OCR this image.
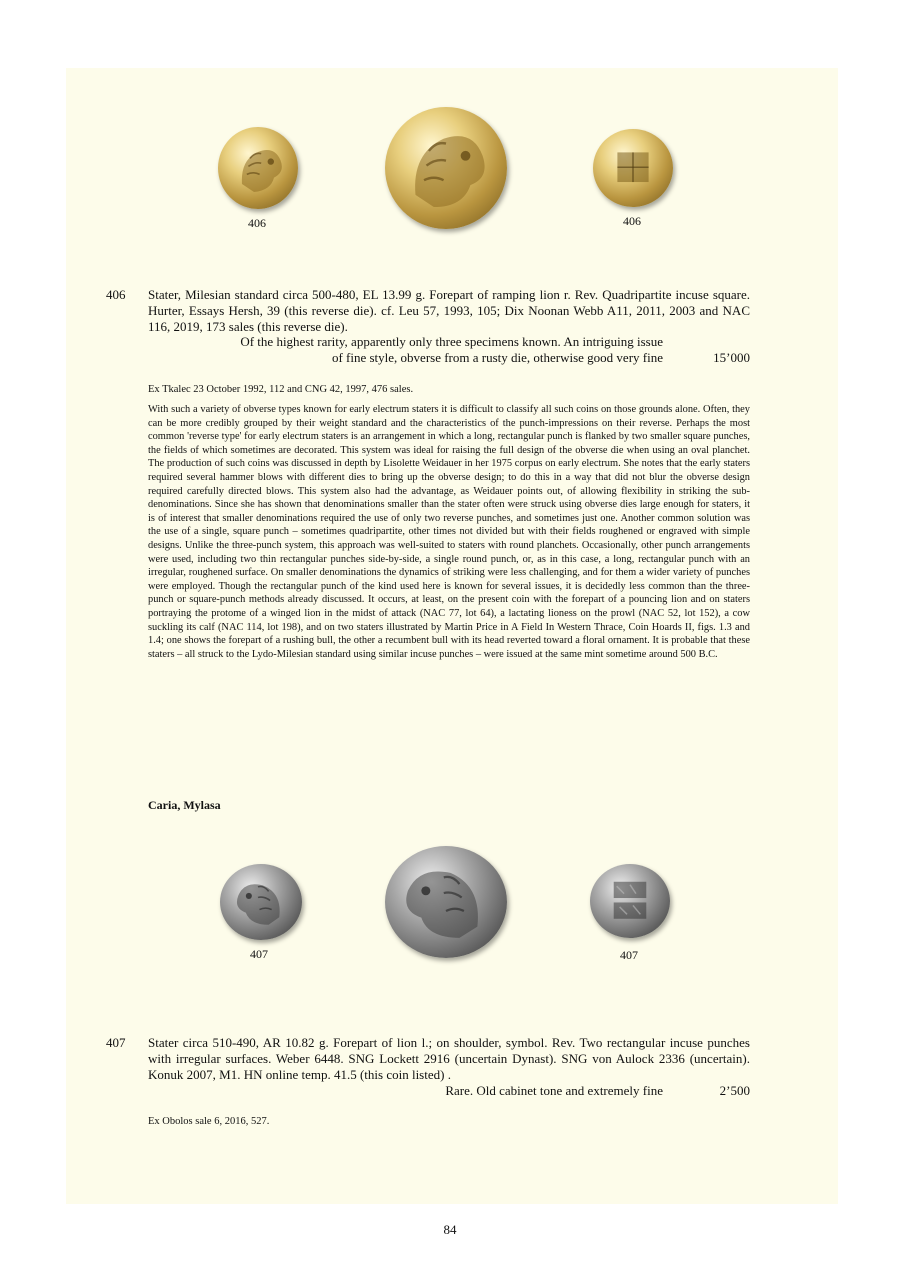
406	406
406 Stater, Milesian standard circa 500-480, EL 13.99 g. Forepart of ramping lion r. Rev. Quadripartite incuse square. Hurter, Essays Hersh, 39 (this reverse die). cf. Leu 57, 1993, 105; Dix Noonan Webb A11, 2011, 2003 and NAC 116, 2019, 173 sales (this reverse die).
Of the highest rarity, apparently only three specimens known. An intriguing issue
of fine style, obverse from a rusty die, otherwise good very fine	15’000
Ex Tkalec 23 October 1992, 112 and CNG 42, 1997, 476 sales.
With such a variety of obverse types known for early electrum staters it is difficult to classify all such coins on those grounds alone. Often, they can be more credibly grouped by their weight standard and the characteristics of the punch-impressions on their reverse. Perhaps the most common 'reverse type' for early electrum staters is an arrangement in which a long, rectangular punch is flanked by two smaller square punches, the fields of which sometimes are decorated. This system was ideal for raising the full design of the obverse die when using an oval planchet. The production of such coins was discussed in depth by Lisolette Weidauer in her 1975 corpus on early electrum. She notes that the early staters required several hammer blows with different dies to bring up the obverse design; to do this in a way that did not blur the obverse design required carefully directed blows. This system also had the advantage, as Weidauer points out, of allowing flexibility in striking the sub-denominations. Since she has shown that denominations smaller than the stater often were struck using obverse dies large enough for staters, it is of interest that smaller denominations required the use of only two reverse punches, and sometimes just one. Another common solution was the use of a single, square punch – sometimes quadripartite, other times not divided but with their fields roughened or engraved with simple designs. Unlike the three-punch system, this approach was well-suited to staters with round planchets. Occasionally, other punch arrangements were used, including two thin rectangular punches side-by-side, a single round punch, or, as in this case, a long, rectangular punch with an irregular, roughened surface. On smaller denominations the dynamics of striking were less challenging, and for them a wider variety of punches were employed. Though the rectangular punch of the kind used here is known for several issues, it is decidedly less common than the three-punch or square-punch methods already discussed. It occurs, at least, on the present coin with the forepart of a pouncing lion and on staters portraying the protome of a winged lion in the midst of attack (NAC 77, lot 64), a lactating lioness on the prowl (NAC 52, lot 152), a cow suckling its calf (NAC 114, lot 198), and on two staters illustrated by Martin Price in A Field In Western Thrace, Coin Hoards II, figs. 1.3 and 1.4; one shows the forepart of a rushing bull, the other a recumbent bull with its head reverted toward a floral ornament. It is probable that these staters – all struck to the Lydo-Milesian standard using similar incuse punches – were issued at the same mint sometime around 500 B.C.
Caria, Mylasa
407	407
407 Stater circa 510-490, AR 10.82 g. Forepart of lion l.; on shoulder, symbol. Rev. Two rectangular incuse punches with irregular surfaces. Weber 6448. SNG Lockett 2916 (uncertain Dynast). SNG von Aulock 2336 (uncertain). Konuk 2007, M1. HN online temp. 41.5 (this coin listed) .
Rare. Old cabinet tone and extremely fine	2’500
Ex Obolos sale 6, 2016, 527.
84
